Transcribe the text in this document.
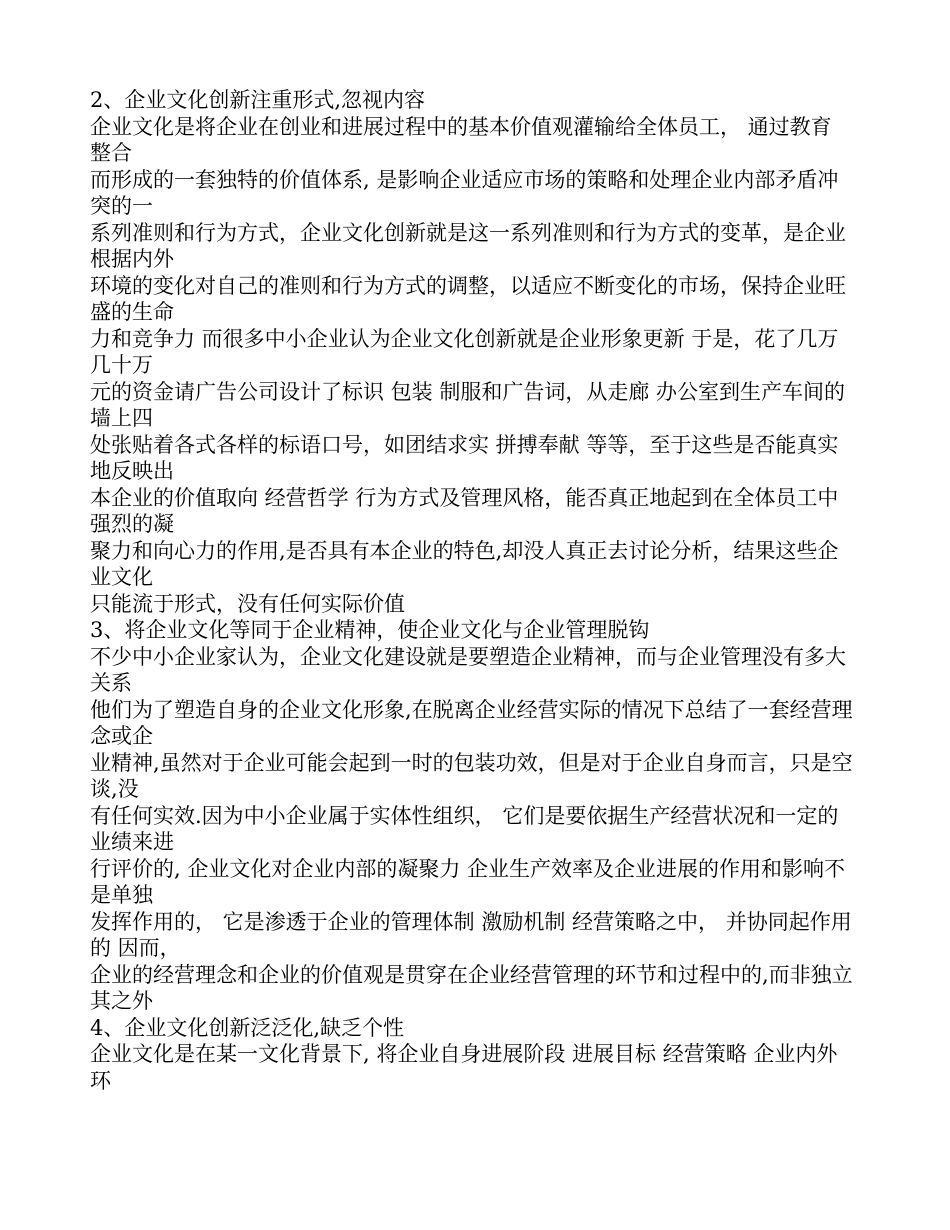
2、企业文化创新注重形式,忽视内容

企业文化是将企业在创业和进展过程中的基本价值观灌输给全体员工， 通过教育 整合

而形成的一套独特的价值体系, 是影响企业适应市场的策略和处理企业内部矛盾冲突的一

系列准则和行为方式，企业文化创新就是这一系列准则和行为方式的变革，是企业根据内外

环境的变化对自己的准则和行为方式的调整，以适应不断变化的市场，保持企业旺盛的生命

力和竞争力 而很多中小企业认为企业文化创新就是企业形象更新 于是，花了几万 几十万

元的资金请广告公司设计了标识 包装 制服和广告词，从走廊 办公室到生产车间的墙上四

处张贴着各式各样的标语口号，如团结求实 拼搏奉献 等等，至于这些是否能真实地反映出

本企业的价值取向 经营哲学 行为方式及管理风格，能否真正地起到在全体员工中强烈的凝

聚力和向心力的作用,是否具有本企业的特色,却没人真正去讨论分析，结果这些企业文化

只能流于形式，没有任何实际价值

3、将企业文化等同于企业精神，使企业文化与企业管理脱钩

不少中小企业家认为，企业文化建设就是要塑造企业精神，而与企业管理没有多大关系

他们为了塑造自身的企业文化形象,在脱离企业经营实际的情况下总结了一套经营理念或企

业精神,虽然对于企业可能会起到一时的包装功效，但是对于企业自身而言，只是空谈,没

有任何实效.因为中小企业属于实体性组织， 它们是要依据生产经营状况和一定的业绩来进

行评价的, 企业文化对企业内部的凝聚力 企业生产效率及企业进展的作用和影响不是单独

发挥作用的， 它是渗透于企业的管理体制 激励机制 经营策略之中， 并协同起作用的 因而，

企业的经营理念和企业的价值观是贯穿在企业经营管理的环节和过程中的,而非独立其之外

4、企业文化创新泛泛化,缺乏个性

企业文化是在某一文化背景下, 将企业自身进展阶段 进展目标 经营策略 企业内外环
